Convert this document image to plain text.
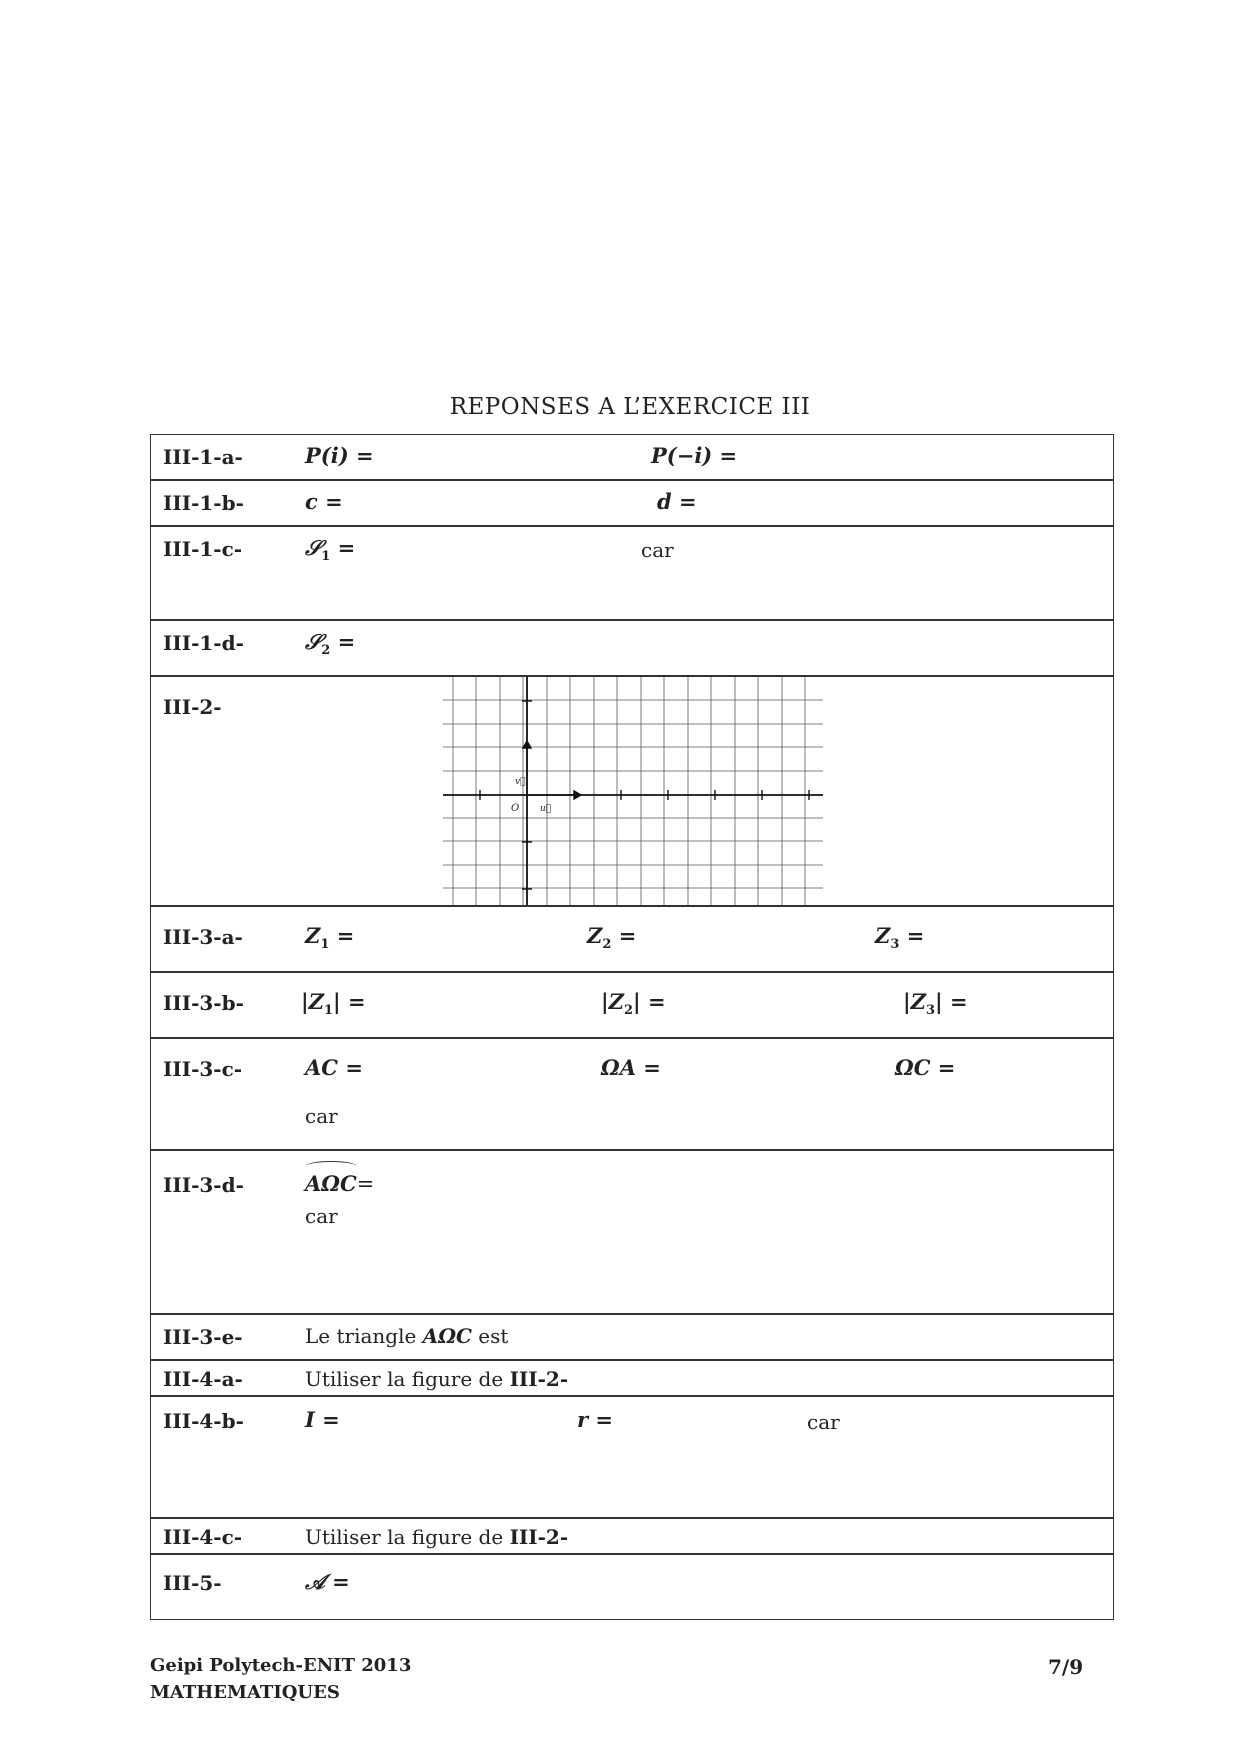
REPONSES A L’EXERCICE III
III-1-a-	P(i) =	P(−i) =
III-1-b-	c =	d =
III-1-c-	𝒮$_1$ =	car
III-1-d-	𝒮$_2$ =
III-2-
O u⃗
v⃗
III-3-a-	$Z_1$ =	$Z_2$ =	$Z_3$ =
III-3-b-	$|Z_1|$ =	$|Z_2|$ =	$|Z_3|$ =
III-3-c-	AC =	ΩA =	ΩC =
car
III-3-d-	AΩC=
car
III-3-e-	Le triangle AΩC est
III-4-a-	Utiliser la figure de III-2-
III-4-b-	I =	r =	car
III-4-c-	Utiliser la figure de III-2-
III-5-	𝒜 =
Geipi Polytech-ENIT 2013
MATHEMATIQUES
7/9
